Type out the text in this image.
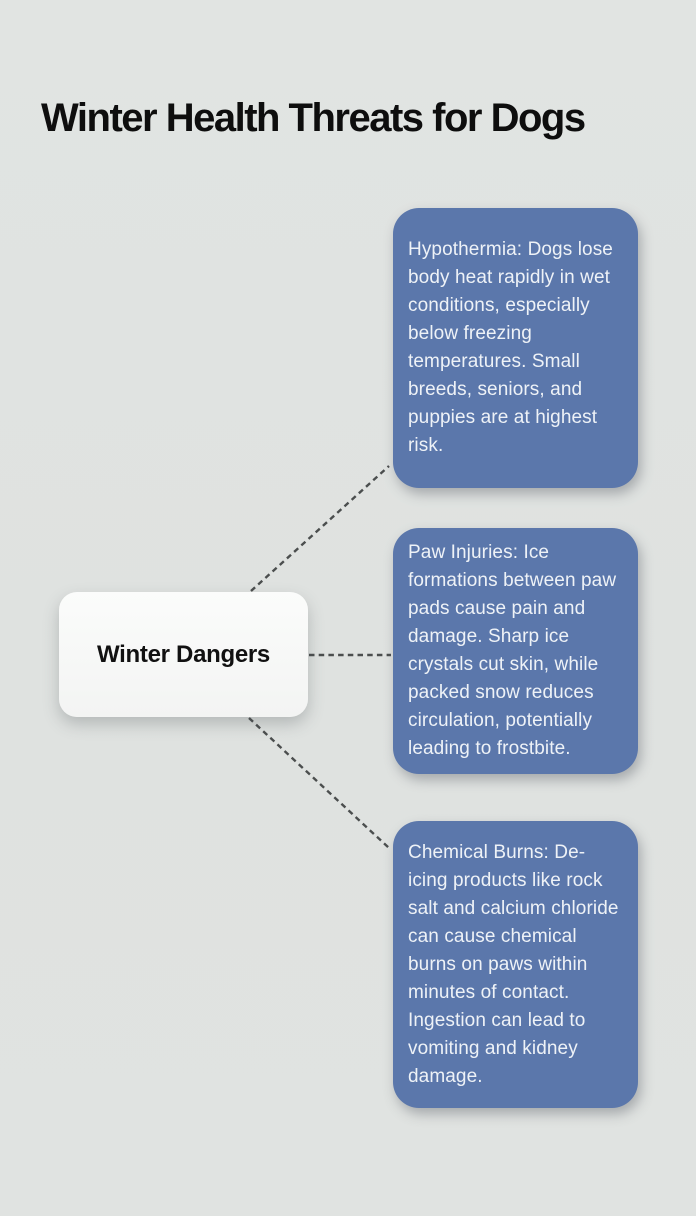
Winter Health Threats for Dogs
Winter Dangers
Hypothermia: Dogs lose body heat rapidly in wet conditions, especially below freezing temperatures. Small breeds, seniors, and puppies are at highest risk.
Paw Injuries: Ice formations between paw pads cause pain and damage. Sharp ice crystals cut skin, while packed snow reduces circulation, potentially leading to frostbite.
Chemical Burns: De-icing products like rock salt and calcium chloride can cause chemical burns on paws within minutes of contact. Ingestion can lead to vomiting and kidney damage.
